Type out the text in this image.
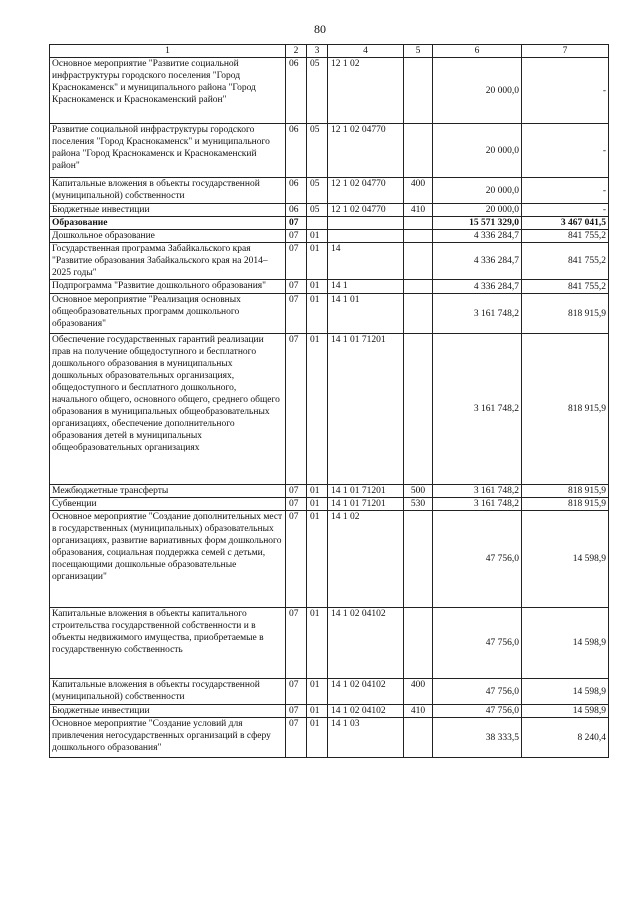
80
1	2	3	4	5	6	7
Основное мероприятие "Развитие социальной инфраструктуры городского поселения "Город Краснокаменск" и муниципального района "Город Краснокаменск и Краснокаменский район"	06	05	12 1 02		20 000,0	-
Развитие социальной инфраструктуры городского поселения "Город Краснокаменск" и муниципального района "Город Краснокаменск и Краснокаменский район"	06	05	12 1 02 04770		20 000,0	-
Капитальные вложения в объекты государственной (муниципальной) собственности	06	05	12 1 02 04770	400	20 000,0	-
Бюджетные инвестиции	06	05	12 1 02 04770	410	20 000,0	-
Образование	07				15 571 329,0	3 467 041,5
Дошкольное образование	07	01			4 336 284,7	841 755,2
Государственная программа Забайкальского края "Развитие образования Забайкальского края на 2014–2025 годы"	07	01	14		4 336 284,7	841 755,2
Подпрограмма "Развитие дошкольного образования"	07	01	14 1		4 336 284,7	841 755,2
Основное мероприятие "Реализация основных общеобразовательных программ дошкольного образования"	07	01	14 1 01		3 161 748,2	818 915,9
Обеспечение государственных гарантий реализации прав на получение общедоступного и бесплатного дошкольного образования в муниципальных дошкольных образовательных организациях, общедоступного и бесплатного дошкольного, начального общего, основного общего, среднего общего образования в муниципальных общеобразовательных организациях, обеспечение дополнительного образования детей в муниципальных общеобразовательных организациях	07	01	14 1 01 71201		3 161 748,2	818 915,9
Межбюджетные трансферты	07	01	14 1 01 71201	500	3 161 748,2	818 915,9
Субвенции	07	01	14 1 01 71201	530	3 161 748,2	818 915,9
Основное мероприятие "Создание дополнительных мест в государственных (муниципальных) образовательных организациях, развитие вариативных форм дошкольного образования, социальная поддержка семей с детьми, посещающими дошкольные образовательные организации"	07	01	14 1 02		47 756,0	14 598,9
Капитальные вложения в объекты капитального строительства государственной собственности и в объекты недвижимого имущества, приобретаемые в государственную собственность	07	01	14 1 02 04102		47 756,0	14 598,9
Капитальные вложения в объекты государственной (муниципальной) собственности	07	01	14 1 02 04102	400	47 756,0	14 598,9
Бюджетные инвестиции	07	01	14 1 02 04102	410	47 756,0	14 598,9
Основное мероприятие "Создание условий для привлечения негосударственных организаций в сферу дошкольного образования"	07	01	14 1 03		38 333,5	8 240,4
